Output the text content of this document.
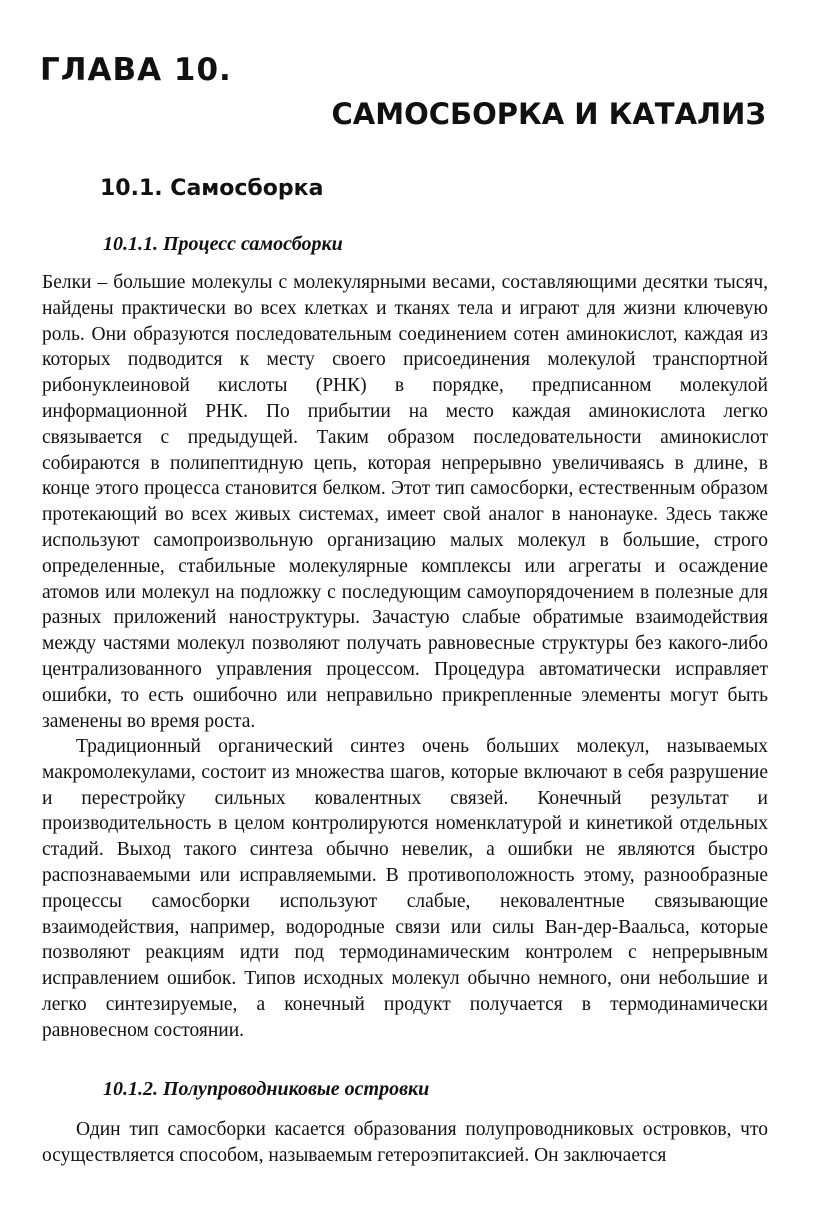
ГЛАВА 10.
САМОСБОРКА И КАТАЛИЗ
10.1. Самосборка
10.1.1. Процесс самосборки

Белки – большие молекулы с молекулярными весами, составляющими десятки тысяч, найдены практически во всех клетках и тканях тела и играют для жизни ключевую роль. Они образуются последовательным соединением сотен аминокислот, каждая из которых подводится к месту своего присоединения молекулой транспортной рибонуклеиновой кислоты (РНК) в порядке, предписанном молекулой информационной РНК. По прибытии на место каждая аминокислота легко связывается с предыдущей. Таким образом последовательности аминокислот собираются в полипептидную цепь, которая непрерывно увеличиваясь в длине, в конце этого процесса становится белком. Этот тип самосборки, естественным образом протекающий во всех живых системах, имеет свой аналог в нанонауке. Здесь также используют самопроизвольную организацию малых молекул в большие, строго определенные, стабильные молекулярные комплексы или агрегаты и осаждение атомов или молекул на подложку с последующим самоупорядочением в полезные для разных приложений наноструктуры. Зачастую слабые обратимые взаимодействия между частями молекул позволяют получать равновесные структуры без какого-либо централизованного управления процессом. Процедура автоматически исправляет ошибки, то есть ошибочно или неправильно прикрепленные элементы могут быть заменены во время роста.

Традиционный органический синтез очень больших молекул, называемых макромолекулами, состоит из множества шагов, которые включают в себя разрушение и перестройку сильных ковалентных связей. Конечный результат и производительность в целом контролируются номенклатурой и кинетикой отдельных стадий. Выход такого синтеза обычно невелик, а ошибки не являются быстро распознаваемыми или исправляемыми. В противоположность этому, разнообразные процессы самосборки используют слабые, нековалентные связывающие взаимодействия, например, водородные связи или силы Ван-дер-Ваальса, которые позволяют реакциям идти под термодинамическим контролем с непрерывным исправлением ошибок. Типов исходных молекул обычно немного, они небольшие и легко синтезируемые, а конечный продукт получается в термодинамически равновесном состоянии.

10.1.2. Полупроводниковые островки

Один тип самосборки касается образования полупроводниковых островков, что осуществляется способом, называемым гетероэпитаксией. Он заключается
